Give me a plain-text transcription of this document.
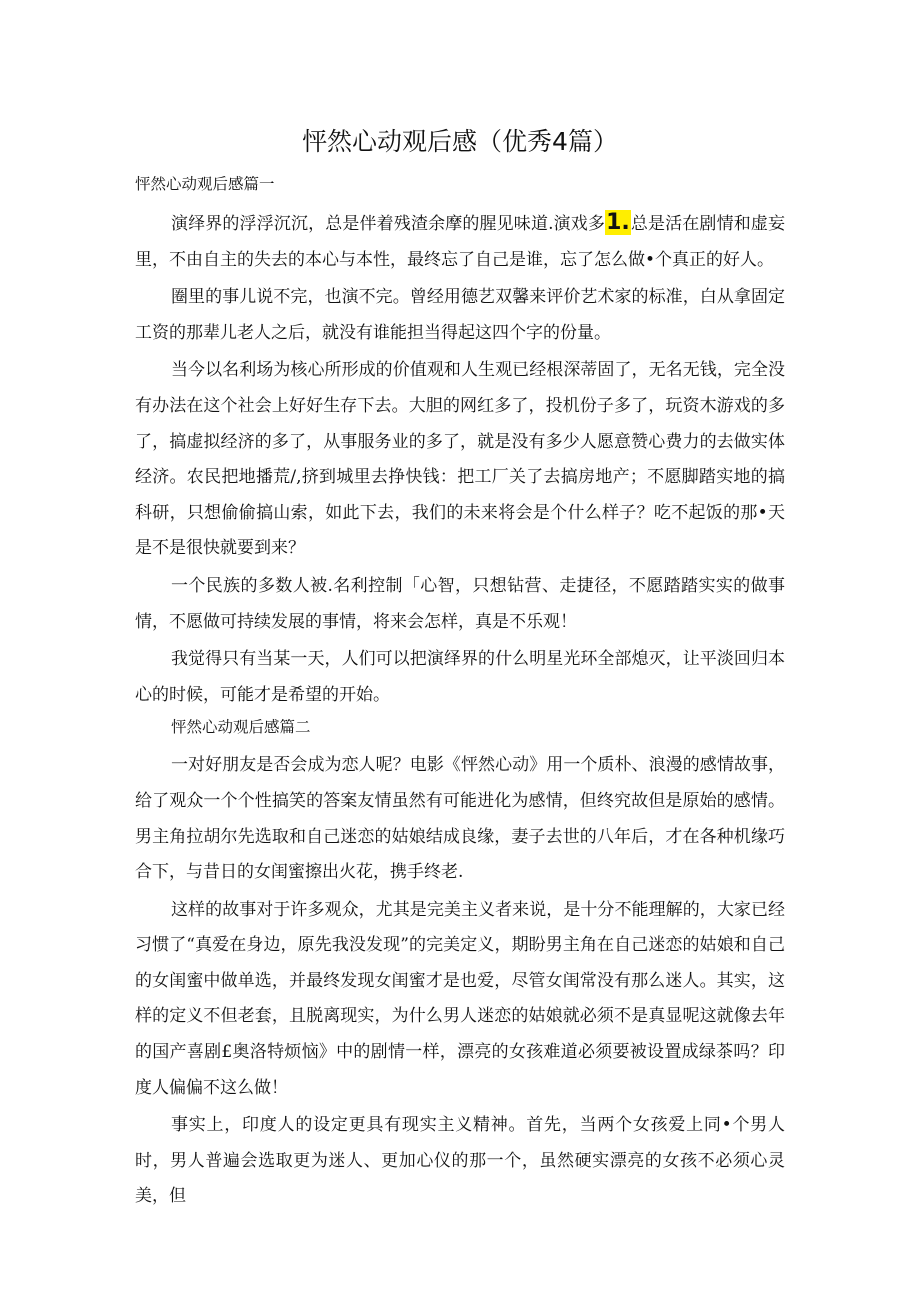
怦然心动观后感（优秀4篇）
怦然心动观后感篇一

演绎界的浮浮沉沉，总是伴着残渣余摩的腥见味道.演戏多1.总是活在剧情和虚妄里，不由自主的失去的本心与本性，最终忘了自己是谁，忘了怎么做•个真正的好人。

圈里的事儿说不完，也演不完。曾经用德艺双馨来评价艺术家的标准，白从拿固定工资的那辈儿老人之后，就没有谁能担当得起这四个字的份量。

当今以名利场为核心所形成的价值观和人生观已经根深蒂固了，无名无钱，完全没有办法在这个社会上好好生存下去。大胆的网红多了，投机份子多了，玩资木游戏的多了，搞虚拟经济的多了，从事服务业的多了，就是没有多少人愿意赞心费力的去做实体经济。农民把地播荒/,挤到城里去挣快钱：把工厂关了去搞房地产；不愿脚踏实地的搞科研，只想偷偷搞山索，如此下去，我们的未来将会是个什么样子？吃不起饭的那•天是不是很快就要到来？

一个民族的多数人被.名利控制「心智，只想钻营、走捷径，不愿踏踏实实的做事情，不愿做可持续发展的事情，将来会怎样，真是不乐观！

我觉得只有当某一天，人们可以把演绎界的什么明星光环全部熄灭，让平淡回归本心的时候，可能才是希望的开始。

怦然心动观后感篇二

一对好朋友是否会成为恋人呢？电影《怦然心动》用一个质朴、浪漫的感情故事，给了观众一个个性搞笑的答案友情虽然有可能进化为感情，但终究故但是原始的感情。男主角拉胡尔先选取和自己迷恋的姑娘结成良缘，妻子去世的八年后，才在各种机缘巧合下，与昔日的女闺蜜擦出火花，携手终老.

这样的故事对于许多观众，尤其是完美主义者来说，是十分不能理解的，大家已经习惯了“真爱在身边，原先我没发现”的完美定义，期盼男主角在自己迷恋的姑娘和自己的女闺蜜中做单选，并最终发现女闺蜜才是也爱，尽管女闺常没有那么迷人。其实，这样的定义不但老套，且脱离现实，为什么男人迷恋的姑娘就必须不是真显呢这就像去年的国产喜剧£奥洛特烦恼》中的剧情一样，漂亮的女孩难道必须要被设置成绿茶吗？印度人偏偏不这么做！

事实上，印度人的设定更具有现实主义精神。首先，当两个女孩爱上同•个男人时，男人普遍会选取更为迷人、更加心仪的那一个，虽然硬实漂亮的女孩不必须心灵美，但
